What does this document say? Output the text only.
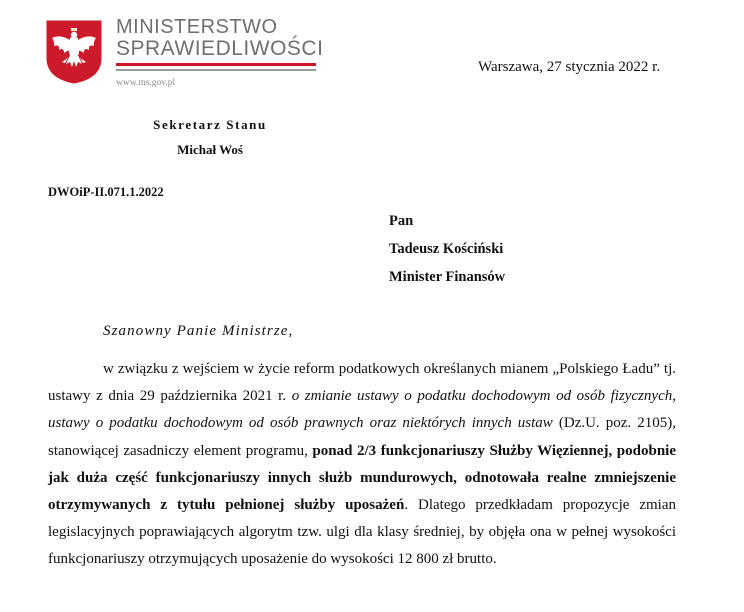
MINISTERSTWO
SPRAWIEDLIWOŚCI
www.ms.gov.pl
Warszawa, 27 stycznia 2022 r.
Sekretarz Stanu
Michał Woś
DWOiP-II.071.1.2022
Pan
Tadeusz Kościński
Minister Finansów
Szanowny Panie Ministrze,
w związku z wejściem w życie reform podatkowych określanych mianem „Polskiego Ładu” tj. ustawy z dnia 29 października 2021 r. o zmianie ustawy o podatku dochodowym od osób fizycznych, ustawy o podatku dochodowym od osób prawnych oraz niektórych innych ustaw (Dz.U. poz. 2105), stanowiącej zasadniczy element programu, ponad 2/3 funkcjonariuszy Służby Więziennej, podobnie jak duża część funkcjonariuszy innych służb mundurowych, odnotowała realne zmniejszenie otrzymywanych z tytułu pełnionej służby uposażeń. Dlatego przedkładam propozycje zmian legislacyjnych poprawiających algorytm tzw. ulgi dla klasy średniej, by objęła ona w pełnej wysokości funkcjonariuszy otrzymujących uposażenie do wysokości 12 800 zł brutto.
